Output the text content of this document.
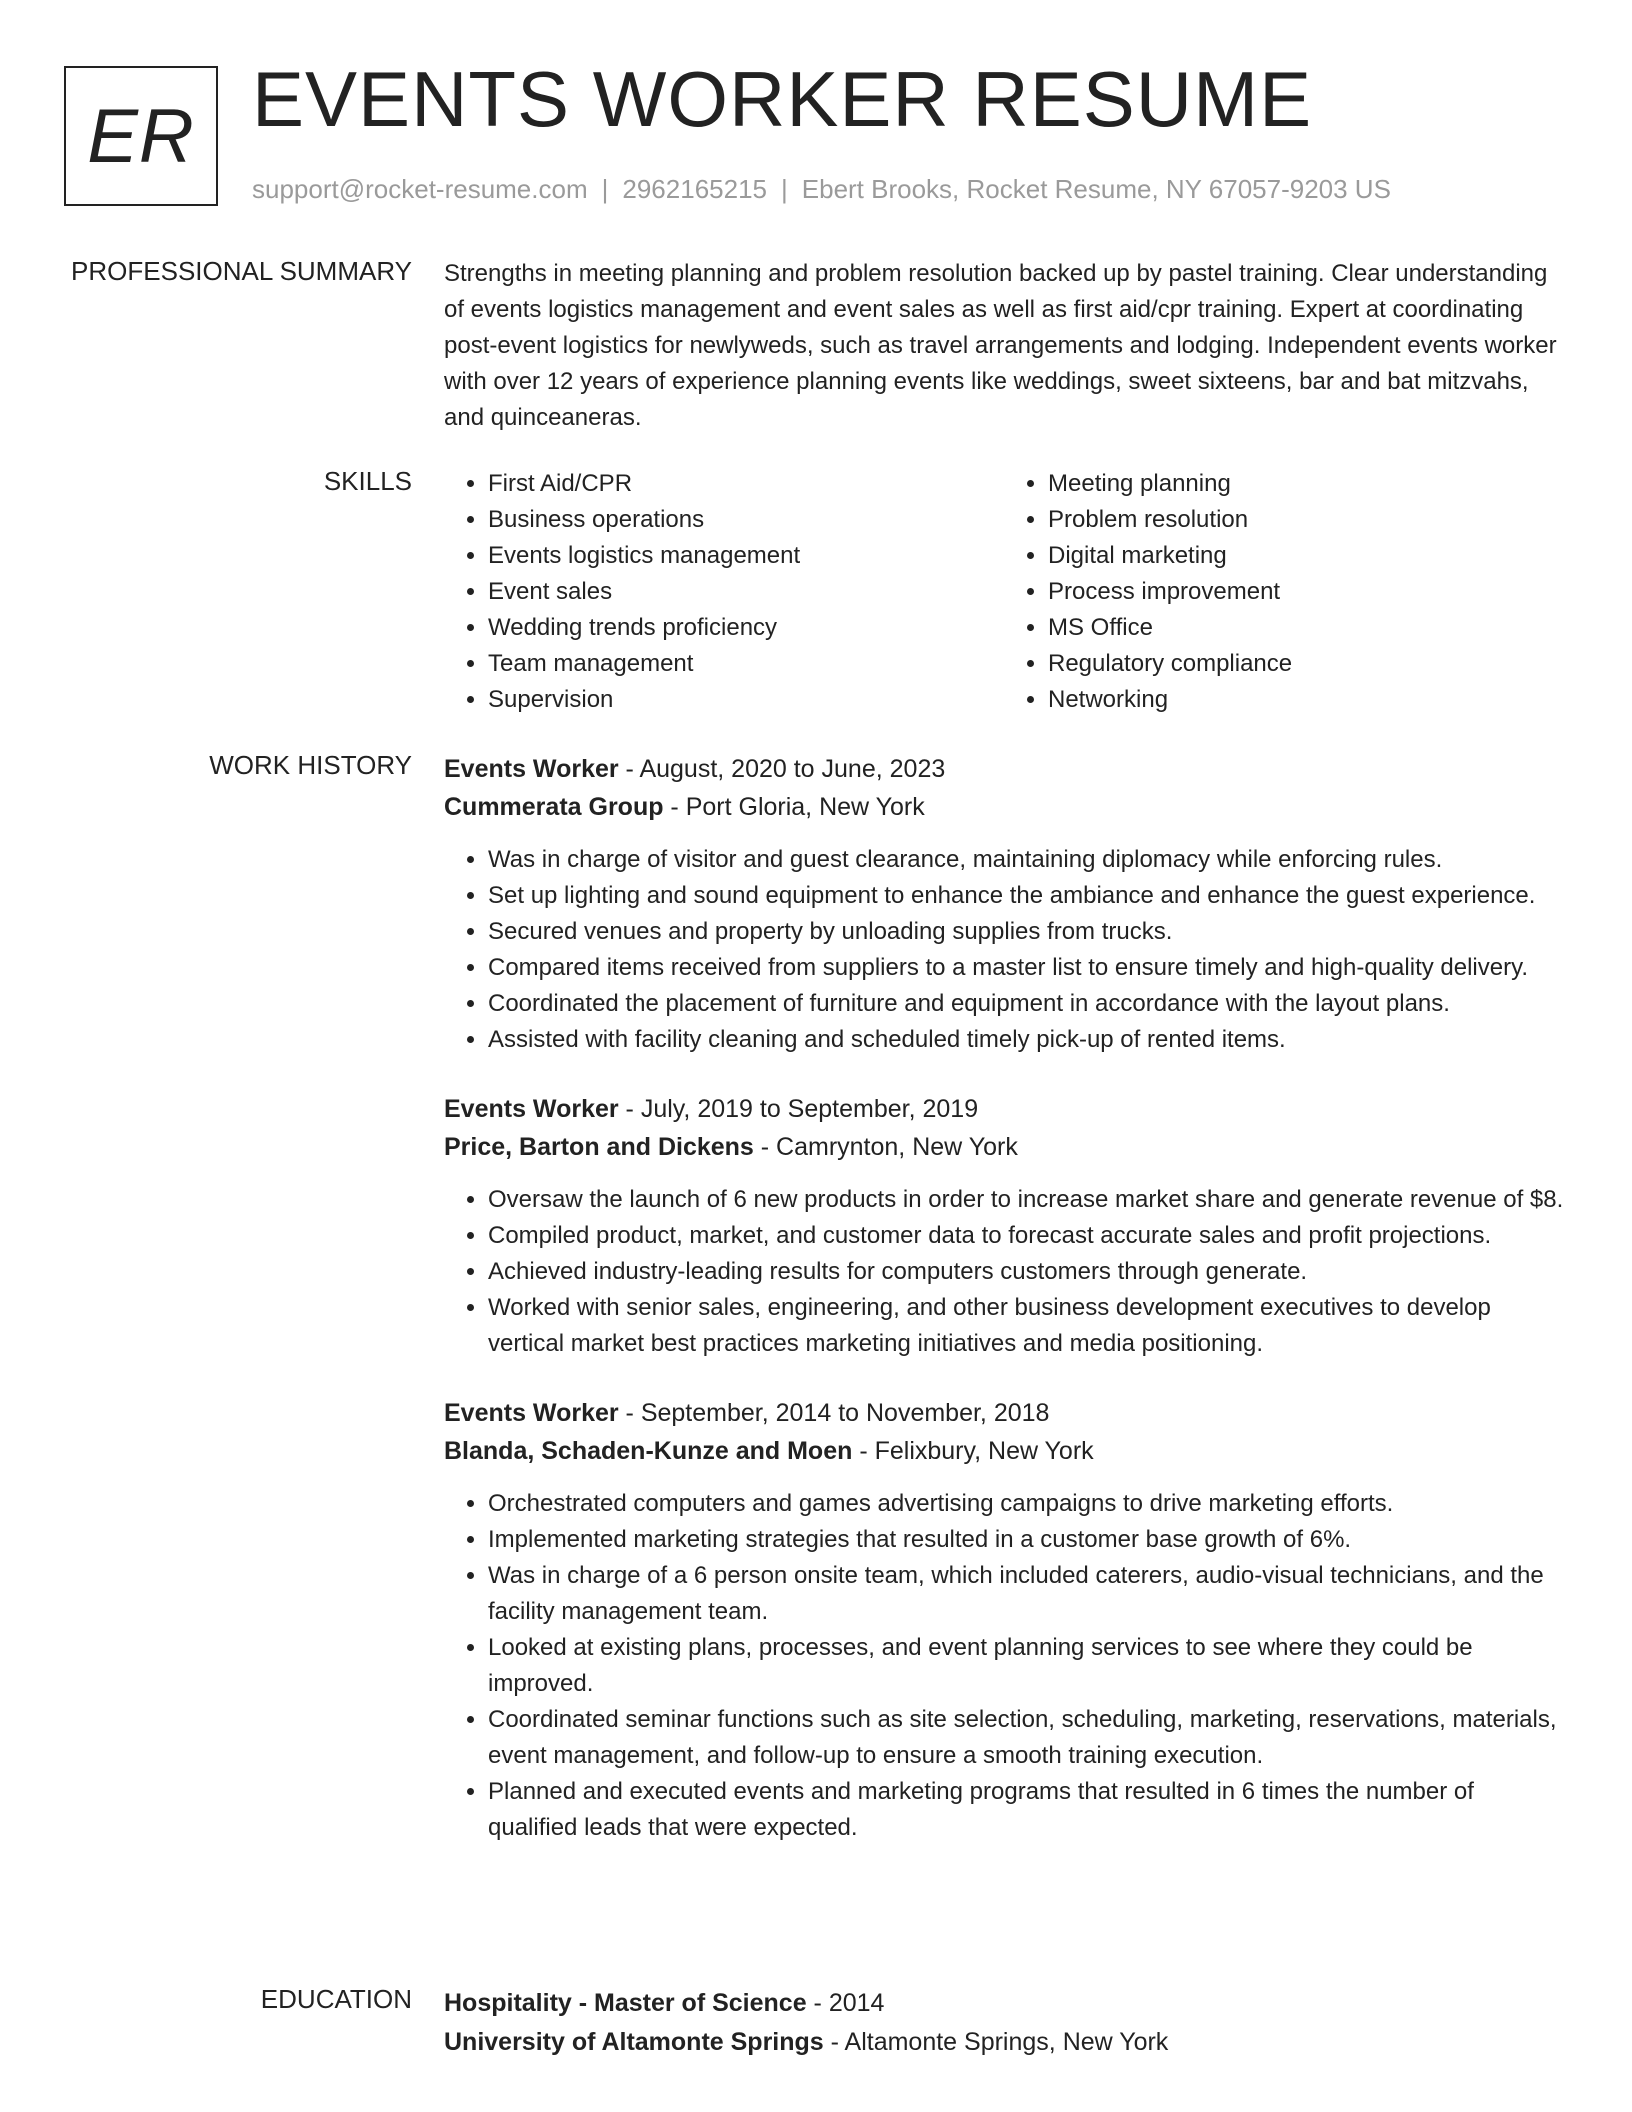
ER EVENTS WORKER RESUME
support@rocket-resume.com | 2962165215 | Ebert Brooks, Rocket Resume, NY 67057-9203 US
PROFESSIONAL SUMMARY Strengths in meeting planning and problem resolution backed up by pastel training. Clear understanding of events logistics management and event sales as well as first aid/cpr training. Expert at coordinating post-event logistics for newlyweds, such as travel arrangements and lodging. Independent events worker with over 12 years of experience planning events like weddings, sweet sixteens, bar and bat mitzvahs, and quinceaneras.

SKILLS
•	First Aid/CPR
• Business operations
• Events logistics management
• Event sales
• Wedding trends proficiency
• Team management
• Supervision
• Meeting planning
• Problem resolution
• Digital marketing
• Process improvement
• MS Office
• Regulatory compliance
• Networking
WORK HISTORY Events Worker - August, 2020 to June, 2023
Cummerata Group - Port Gloria, New York
• Was in charge of visitor and guest clearance, maintaining diplomacy while enforcing rules.
• Set up lighting and sound equipment to enhance the ambiance and enhance the guest experience.
• Secured venues and property by unloading supplies from trucks.
• Compared items received from suppliers to a master list to ensure timely and high-quality delivery.
• Coordinated the placement of furniture and equipment in accordance with the layout plans.
• Assisted with facility cleaning and scheduled timely pick-up of rented items.
Events Worker - July, 2019 to September, 2019
Price, Barton and Dickens - Camrynton, New York
• Oversaw the launch of 6 new products in order to increase market share and generate revenue of $8.
• Compiled product, market, and customer data to forecast accurate sales and profit projections.
• Achieved industry-leading results for computers customers through generate.
• Worked with senior sales, engineering, and other business development executives to develop vertical market best practices marketing initiatives and media positioning.
Events Worker - September, 2014 to November, 2018
Blanda, Schaden-Kunze and Moen - Felixbury, New York
• Orchestrated computers and games advertising campaigns to drive marketing efforts.
• Implemented marketing strategies that resulted in a customer base growth of 6%.
• Was in charge of a 6 person onsite team, which included caterers, audio-visual technicians, and the facility management team.
• Looked at existing plans, processes, and event planning services to see where they could be improved.
• Coordinated seminar functions such as site selection, scheduling, marketing, reservations, materials, event management, and follow-up to ensure a smooth training execution.
• Planned and executed events and marketing programs that resulted in 6 times the number of qualified leads that were expected.
EDUCATION Hospitality - Master of Science - 2014
University of Altamonte Springs - Altamonte Springs, New York
